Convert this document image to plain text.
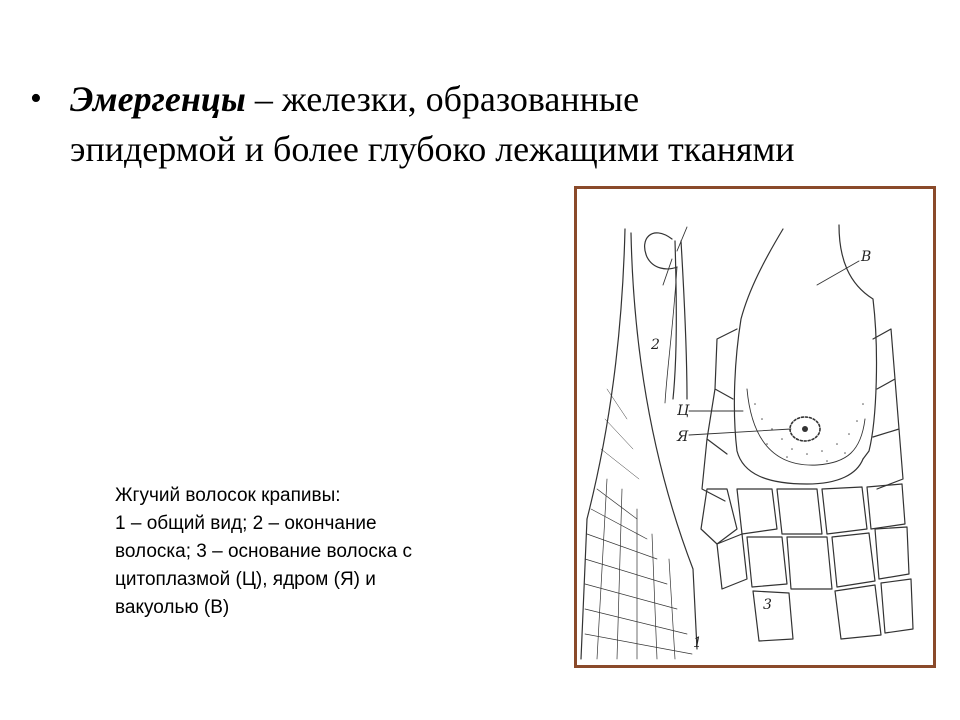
• Эмергенцы – железки, образованные эпидермой и более глубоко лежащими тканями
Жгучий волосок крапивы:
1 – общий вид; 2 – окончание
волоска; 3 – основание волоска с
цитоплазмой (Ц), ядром (Я) и
вакуолью (В)
В
Ц
Я
1
2
3
